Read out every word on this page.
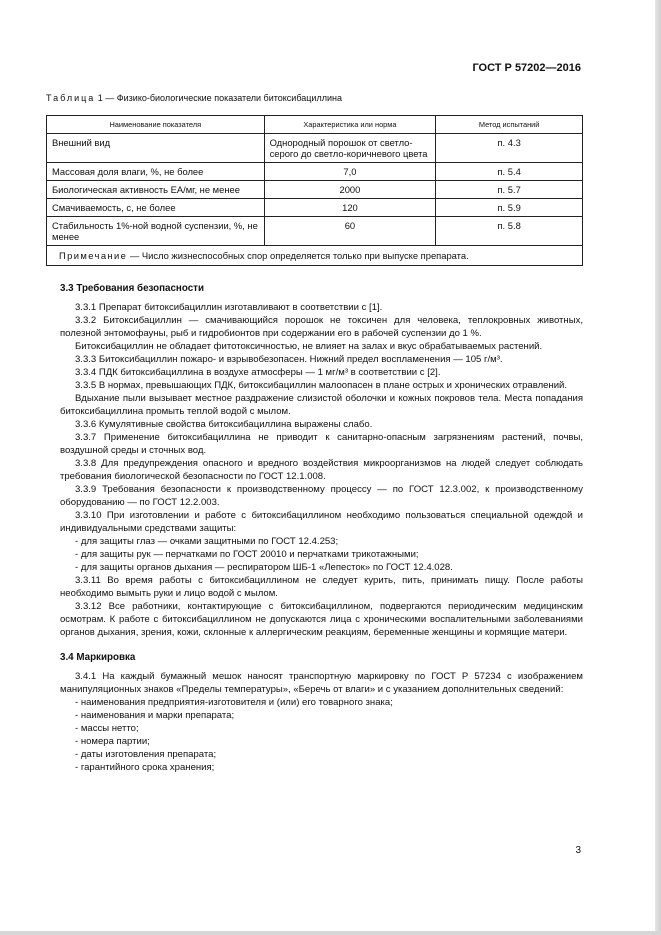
ГОСТ Р 57202—2016
Таблица 1 — Физико-биологические показатели битоксибациллина
Наименование показателя	Характеристика или норма	Метод испытаний
Внешний вид	Однородный порошок от светло-серого до светло-коричневого цвета	п. 4.3
Массовая доля влаги, %, не более	7,0	п. 5.4
Биологическая активность ЕА/мг, не менее	2000	п. 5.7
Смачиваемость, с, не более	120	п. 5.9
Стабильность 1%-ной водной суспензии, %, не менее	60	п. 5.8
Примечание — Число жизнеспособных спор определяется только при выпуске препарата.		
3.3 Требования безопасности

3.3.1 Препарат битоксибациллин изготавливают в соответствии с [1].

3.3.2 Битоксибациллин — смачивающийся порошок не токсичен для человека, теплокровных животных, полезной энтомофауны, рыб и гидробионтов при содержании его в рабочей суспензии до 1 %.

Битоксибациллин не обладает фитотоксичностью, не влияет на залах и вкус обрабатываемых растений.

3.3.3 Битоксибациллин пожаро- и взрывобезопасен. Нижний предел воспламенения — 105 г/м³.

3.3.4 ПДК битоксибациллина в воздухе атмосферы — 1 мг/м³ в соответствии с [2].

3.3.5 В нормах, превышающих ПДК, битоксибациллин малоопасен в плане острых и хронических отравлений.

Вдыхание пыли вызывает местное раздражение слизистой оболочки и кожных покровов тела. Места попадания битоксибациллина промыть теплой водой с мылом.

3.3.6 Кумулятивные свойства битоксибациллина выражены слабо.

3.3.7 Применение битоксибациллина не приводит к санитарно-опасным загрязнениям растений, почвы, воздушной среды и сточных вод.

3.3.8 Для предупреждения опасного и вредного воздействия микроорганизмов на людей следует соблюдать требования биологической безопасности по ГОСТ 12.1.008.

3.3.9 Требования безопасности к производственному процессу — по ГОСТ 12.3.002, к производственному оборудованию — по ГОСТ 12.2.003.

3.3.10 При изготовлении и работе с битоксибациллином необходимо пользоваться специальной одеждой и индивидуальными средствами защиты:

- для защиты глаз — очками защитными по ГОСТ 12.4.253;

- для защиты рук — перчатками по ГОСТ 20010 и перчатками трикотажными;

- для защиты органов дыхания — респиратором ШБ-1 «Лепесток» по ГОСТ 12.4.028.

3.3.11 Во время работы с битоксибациллином не следует курить, пить, принимать пищу. После работы необходимо вымыть руки и лицо водой с мылом.

3.3.12 Все работники, контактирующие с битоксибациллином, подвергаются периодическим медицинским осмотрам. К работе с битоксибациллином не допускаются лица с хроническими воспалительными заболеваниями органов дыхания, зрения, кожи, склонные к аллергическим реакциям, беременные женщины и кормящие матери.

3.4 Маркировка

3.4.1 На каждый бумажный мешок наносят транспортную маркировку по ГОСТ Р 57234 с изображением манипуляционных знаков «Пределы температуры», «Беречь от влаги» и с указанием дополнительных сведений:

- наименования предприятия-изготовителя и (или) его товарного знака;

- наименования и марки препарата;

- массы нетто;

- номера партии;

- даты изготовления препарата;

- гарантийного срока хранения;

3
